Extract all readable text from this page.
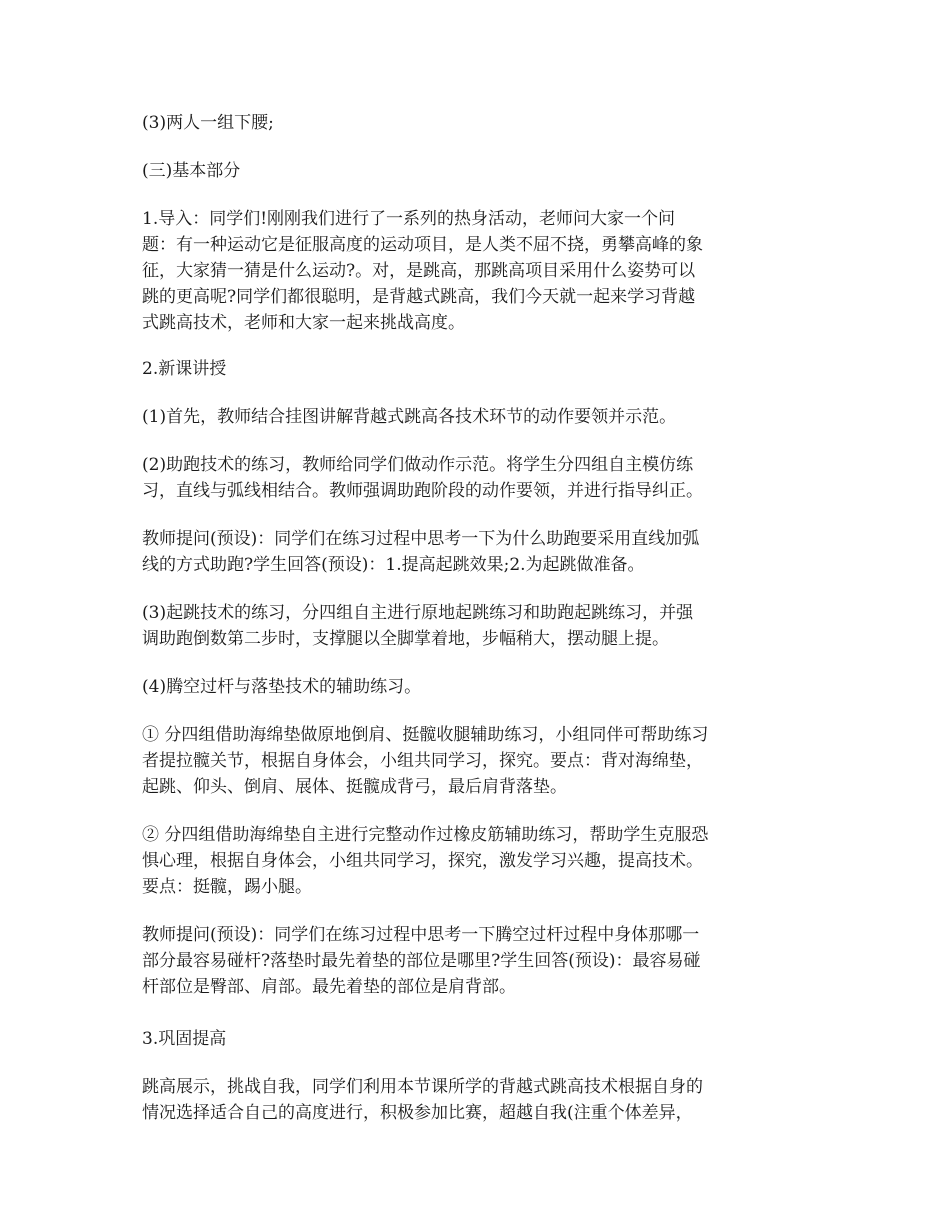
(3)两人一组下腰;
(三)基本部分
1.导入：同学们!刚刚我们进行了一系列的热身活动，老师问大家一个问
题：有一种运动它是征服高度的运动项目，是人类不屈不挠，勇攀高峰的象
征，大家猜一猜是什么运动?。对，是跳高，那跳高项目采用什么姿势可以
跳的更高呢?同学们都很聪明，是背越式跳高，我们今天就一起来学习背越
式跳高技术，老师和大家一起来挑战高度。
2.新课讲授
(1)首先，教师结合挂图讲解背越式跳高各技术环节的动作要领并示范。
(2)助跑技术的练习，教师给同学们做动作示范。将学生分四组自主模仿练
习，直线与弧线相结合。教师强调助跑阶段的动作要领，并进行指导纠正。
教师提问(预设)：同学们在练习过程中思考一下为什么助跑要采用直线加弧
线的方式助跑?学生回答(预设)：1.提高起跳效果;2.为起跳做准备。
(3)起跳技术的练习，分四组自主进行原地起跳练习和助跑起跳练习，并强
调助跑倒数第二步时，支撑腿以全脚掌着地，步幅稍大，摆动腿上提。
(4)腾空过杆与落垫技术的辅助练习。
① 分四组借助海绵垫做原地倒肩、挺髋收腿辅助练习，小组同伴可帮助练习
者提拉髋关节，根据自身体会，小组共同学习，探究。要点：背对海绵垫，
起跳、仰头、倒肩、展体、挺髋成背弓，最后肩背落垫。
② 分四组借助海绵垫自主进行完整动作过橡皮筋辅助练习，帮助学生克服恐
惧心理，根据自身体会，小组共同学习，探究，激发学习兴趣，提高技术。
要点：挺髋，踢小腿。
教师提问(预设)：同学们在练习过程中思考一下腾空过杆过程中身体那哪一
部分最容易碰杆?落垫时最先着垫的部位是哪里?学生回答(预设)：最容易碰
杆部位是臀部、肩部。最先着垫的部位是肩背部。
3.巩固提高
跳高展示，挑战自我，同学们利用本节课所学的背越式跳高技术根据自身的
情况选择适合自己的高度进行，积极参加比赛，超越自我(注重个体差异，
